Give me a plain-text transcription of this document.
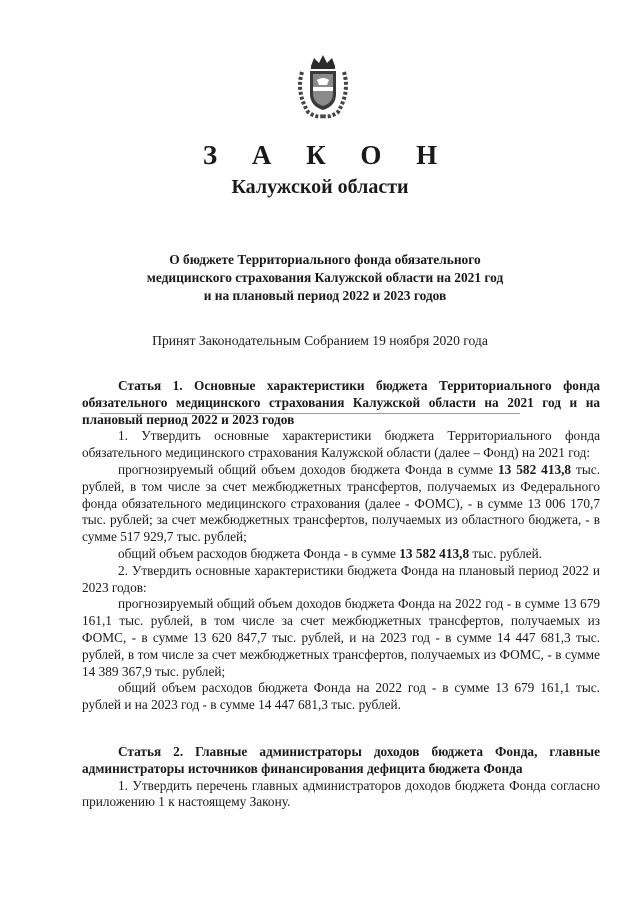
З А К О Н
Калужской области
О бюджете Территориального фонда обязательного
медицинского страхования Калужской области на 2021 год
и на плановый период 2022 и 2023 годов
Принят Законодательным Собранием 19 ноября 2020 года

Статья 1. Основные характеристики бюджета Территориального фонда обязательного медицинского страхования Калужской области на 2021 год и на плановый период 2022 и 2023 годов

1. Утвердить основные характеристики бюджета Территориального фонда обязательного медицинского страхования Калужской области (далее – Фонд) на 2021 год:

прогнозируемый общий объем доходов бюджета Фонда в сумме 13 582 413,8 тыс. рублей, в том числе за счет межбюджетных трансфертов, получаемых из Федерального фонда обязательного медицинского страхования (далее - ФОМС), - в сумме 13 006 170,7 тыс. рублей; за счет межбюджетных трансфертов, получаемых из областного бюджета, - в сумме 517 929,7 тыс. рублей;

общий объем расходов бюджета Фонда - в сумме 13 582 413,8 тыс. рублей.

2. Утвердить основные характеристики бюджета Фонда на плановый период 2022 и 2023 годов:

прогнозируемый общий объем доходов бюджета Фонда на 2022 год - в сумме 13 679 161,1 тыс. рублей, в том числе за счет межбюджетных трансфертов, получаемых из ФОМС, - в сумме 13 620 847,7 тыс. рублей, и на 2023 год - в сумме 14 447 681,3 тыс. рублей, в том числе за счет межбюджетных трансфертов, получаемых из ФОМС, - в сумме 14 389 367,9 тыс. рублей;

общий объем расходов бюджета Фонда на 2022 год - в сумме 13 679 161,1 тыс. рублей и на 2023 год - в сумме 14 447 681,3 тыс. рублей.

Статья 2. Главные администраторы доходов бюджета Фонда, главные администраторы источников финансирования дефицита бюджета Фонда

1. Утвердить перечень главных администраторов доходов бюджета Фонда согласно приложению 1 к настоящему Закону.
